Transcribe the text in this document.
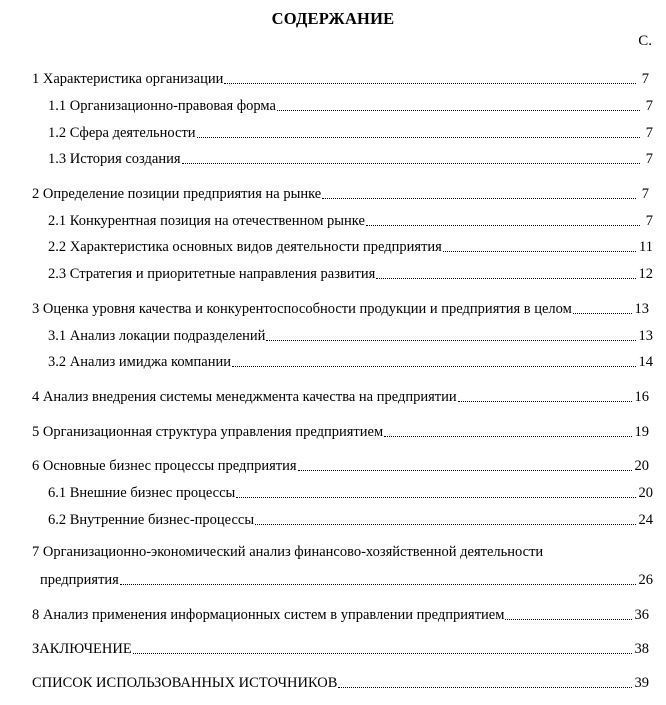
СОДЕРЖАНИЕ
С.
1 Характеристика организации	7
1.1 Организационно-правовая форма	7
1.2 Сфера деятельности	7
1.3 История создания	7
2 Определение позиции предприятия на рынке	7
2.1 Конкурентная позиция на отечественном рынке	7
2.2 Характеристика основных видов деятельности предприятия	11
2.3 Стратегия и приоритетные направления развития	12
3 Оценка уровня качества и конкурентоспособности продукции и предприятия в целом	13
3.1 Анализ локации подразделений	13
3.2 Анализ имиджа компании	14
4 Анализ внедрения системы менеджмента качества на предприятии	16
5 Организационная структура управления предприятием	19
6 Основные бизнес процессы предприятия	20
6.1 Внешние бизнес процессы	20
6.2 Внутренние бизнес-процессы	24
7 Организационно-экономический анализ финансово-хозяйственной деятельности
предприятия	26
8 Анализ применения информационных систем в управлении предприятием	36
ЗАКЛЮЧЕНИЕ	38
СПИСОК ИСПОЛЬЗОВАННЫХ ИСТОЧНИКОВ	39
